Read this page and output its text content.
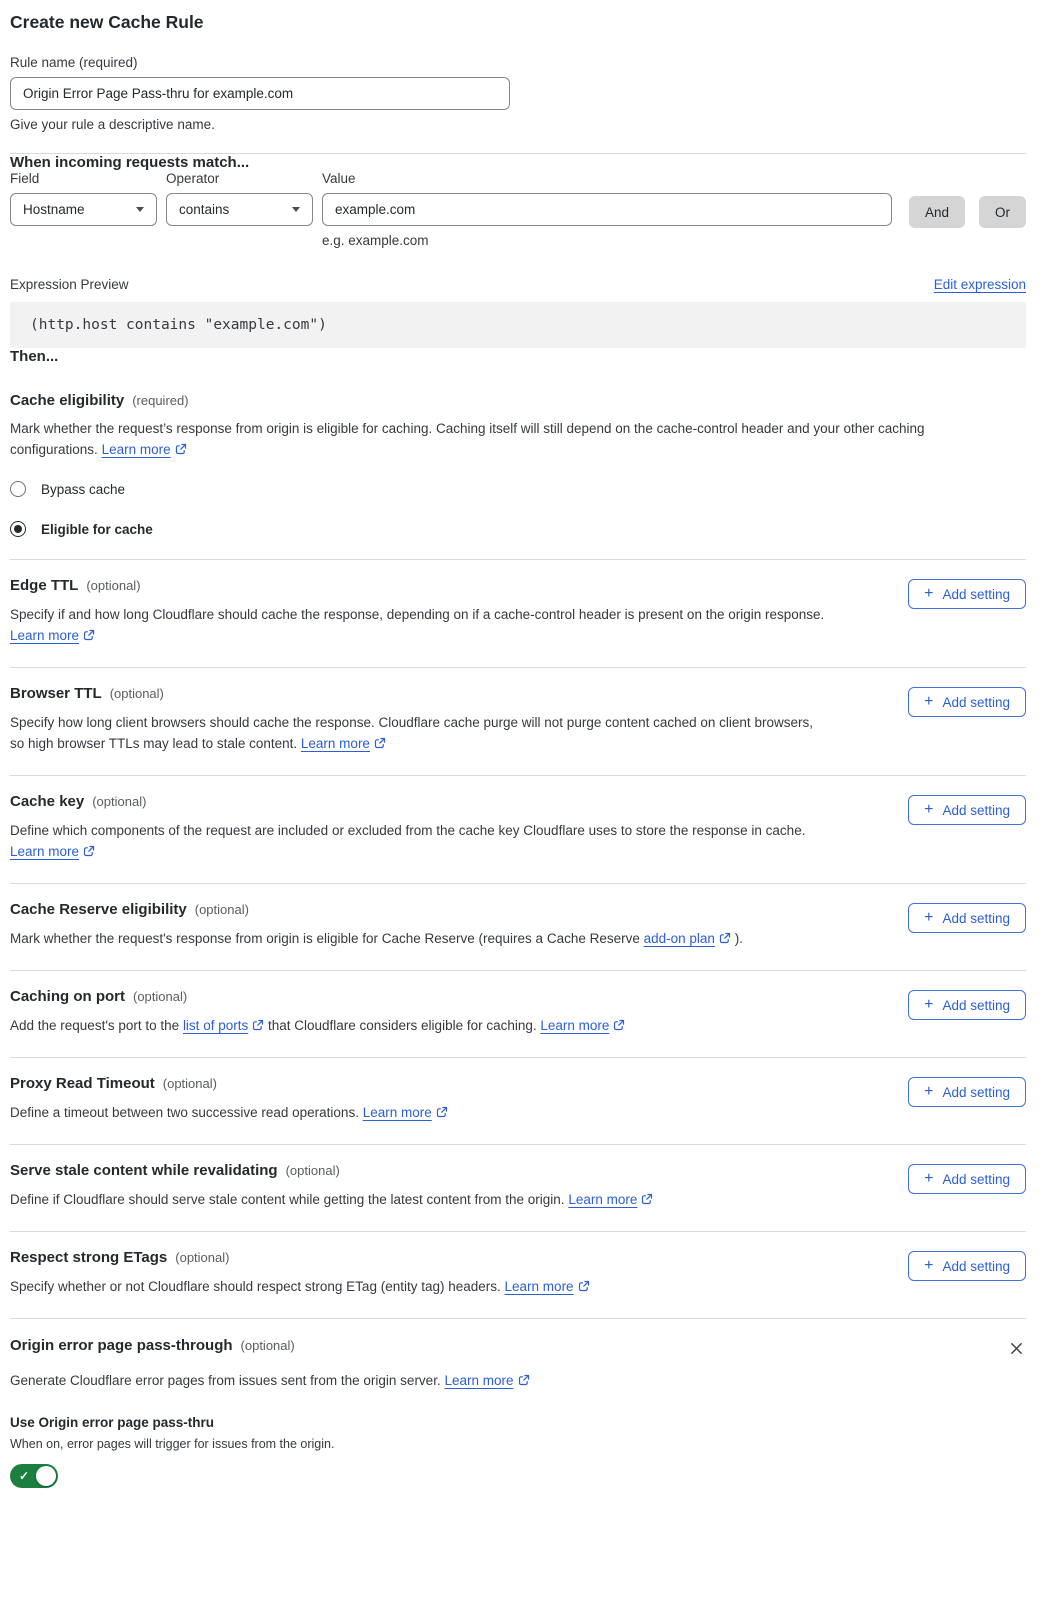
Create new Cache Rule
Rule name (required)
Origin Error Page Pass-thru for example.com
Give your rule a descriptive name.
When incoming requests match...
Field
Hostname
Operator
contains
Value
example.com
e.g. example.com
And	Or
Expression Preview	Edit expression
(http.host contains "example.com")
Then...
Cache eligibility (required)

Mark whether the request’s response from origin is eligible for caching. Caching itself will still depend on the cache-control header and your other caching configurations. Learn more

Bypass cache
Eligible for cache
Edge TTL (optional)

Specify if and how long Cloudflare should cache the response, depending on if a cache-control header is present on the origin response. Learn more

+ Add setting
Browser TTL (optional)

Specify how long client browsers should cache the response. Cloudflare cache purge will not purge content cached on client browsers, so high browser TTLs may lead to stale content. Learn more

+ Add setting
Cache key (optional)

Define which components of the request are included or excluded from the cache key Cloudflare uses to store the response in cache. Learn more

+ Add setting
Cache Reserve eligibility (optional)

Mark whether the request's response from origin is eligible for Cache Reserve (requires a Cache Reserve add-on plan ).

+ Add setting
Caching on port (optional)

Add the request's port to the list of ports that Cloudflare considers eligible for caching. Learn more

+ Add setting
Proxy Read Timeout (optional)

Define a timeout between two successive read operations. Learn more

+ Add setting
Serve stale content while revalidating (optional)

Define if Cloudflare should serve stale content while getting the latest content from the origin. Learn more

+ Add setting
Respect strong ETags (optional)

Specify whether or not Cloudflare should respect strong ETag (entity tag) headers. Learn more

+ Add setting
Origin error page pass-through (optional)

Generate Cloudflare error pages from issues sent from the origin server. Learn more

Use Origin error page pass-thru
When on, error pages will trigger for issues from the origin.
✓
